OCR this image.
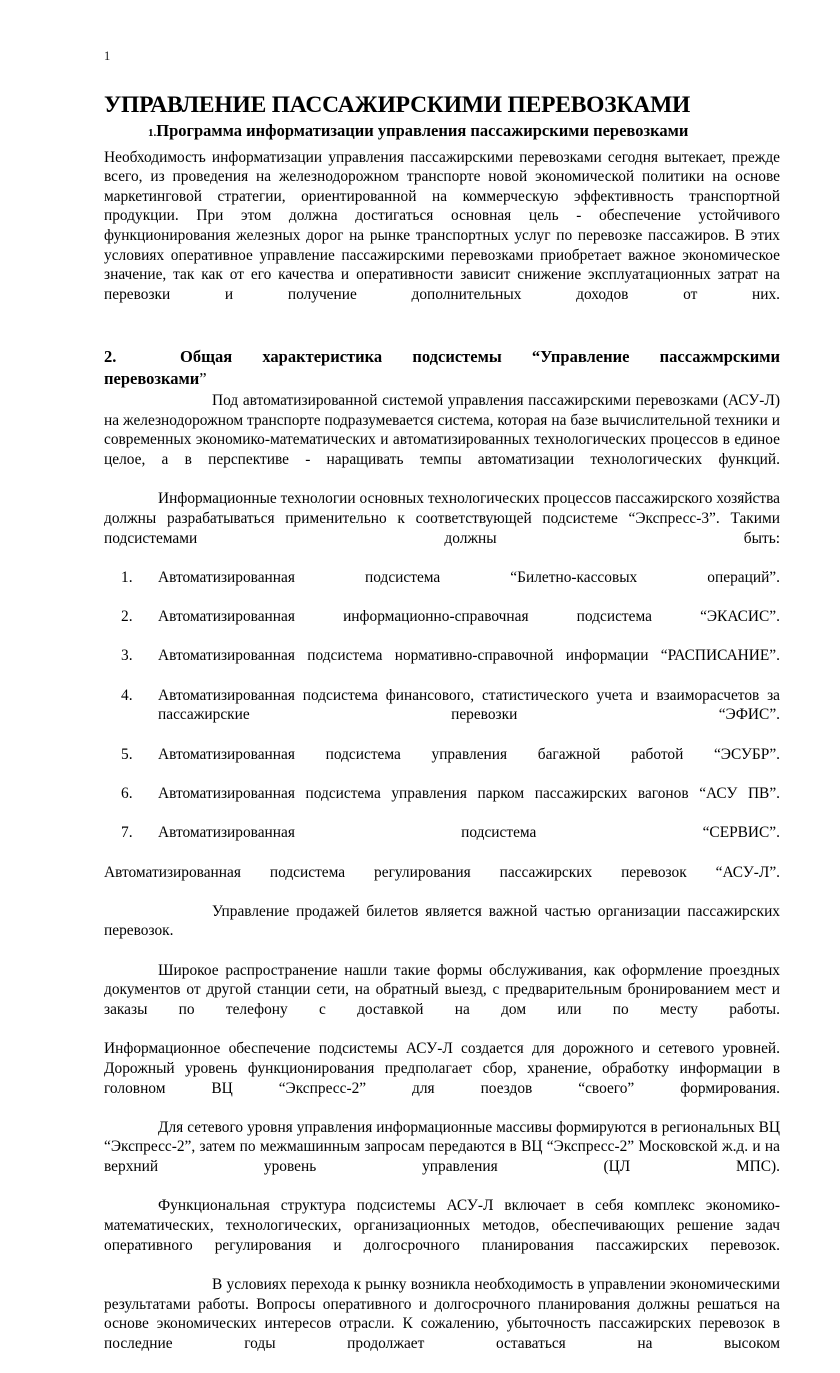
1
УПРАВЛЕНИЕ ПАССАЖИРСКИМИ ПЕРЕВОЗКАМИ
1.Программа информатизации управления пассажирскими перевозками

Необходимость информатизации управления пассажирскими перевозками сегодня вытекает, прежде всего, из проведения на железнодорожном транспорте новой экономической политики на основе маркетинговой стратегии, ориентированной на коммерческую эффективность транспортной продукции. При этом должна достигаться основная цель - обеспечение устойчивого функционирования железных дорог на рынке транспортных услуг по перевозке пассажиров. В этих условиях оперативное управление пассажирскими перевозками приобретает важное экономическое значение, так как от его качества и оперативности зависит снижение эксплуатационных затрат на перевозки и получение дополнительных доходов от них.

2.	Общая характеристика подсистемы “Управление пассажмрскими перевозками”

Под автоматизированной системой управления пассажирскими перевозками (АСУ-Л) на железнодорожном транспорте подразумевается система, которая на базе вычислительной техники и современных экономико-математических и автоматизированных технологических процессов в единое целое, а в перспективе - наращивать темпы автоматизации технологических функций.

Информационные технологии основных технологических процессов пассажирского хозяйства должны разрабатываться применительно к соответствующей подсистеме “Экспресс-3”. Такими подсистемами должны быть:

1.	Автоматизированная подсистема “Билетно-кассовых операций”.
2.	Автоматизированная информационно-справочная подсистема “ЭКАСИС”.
3.	Автоматизированная подсистема нормативно-справочной информации “РАСПИСАНИЕ”.
4.	Автоматизированная подсистема финансового, статистического учета и взаиморасчетов за пассажирские перевозки “ЭФИС”.
5.	Автоматизированная подсистема управления багажной работой “ЭСУБР”.
6.	Автоматизированная подсистема управления парком пассажирских вагонов “АСУ ПВ”.
7.	Автоматизированная подсистема “СЕРВИС”.

Автоматизированная подсистема регулирования пассажирских перевозок “АСУ-Л”.

Управление продажей билетов является важной частью организации пассажирских перевозок.

Широкое распространение нашли такие формы обслуживания, как оформление проездных документов от другой станции сети, на обратный выезд, с предварительным бронированием мест и заказы по телефону с доставкой на дом или по месту работы.

Информационное обеспечение подсистемы АСУ-Л создается для дорожного и сетевого уровней. Дорожный уровень функционирования предполагает сбор, хранение, обработку информации в головном ВЦ “Экспресс-2” для поездов “своего” формирования.

Для сетевого уровня управления информационные массивы формируются в региональных ВЦ “Экспресс-2”, затем по межмашинным запросам передаются в ВЦ “Экспресс-2” Московской ж.д. и на верхний уровень управления (ЦЛ МПС).

Функциональная структура подсистемы АСУ-Л включает в себя комплекс экономико-математических, технологических, организационных методов, обеспечивающих решение задач оперативного регулирования и долгосрочного планирования пассажирских перевозок.

В условиях перехода к рынку возникла необходимость в управлении экономическими результатами работы. Вопросы оперативного и долгосрочного планирования должны решаться на основе экономических интересов отрасли. К сожалению, убыточность пассажирских перевозок в последние годы продолжает оставаться на высоком
